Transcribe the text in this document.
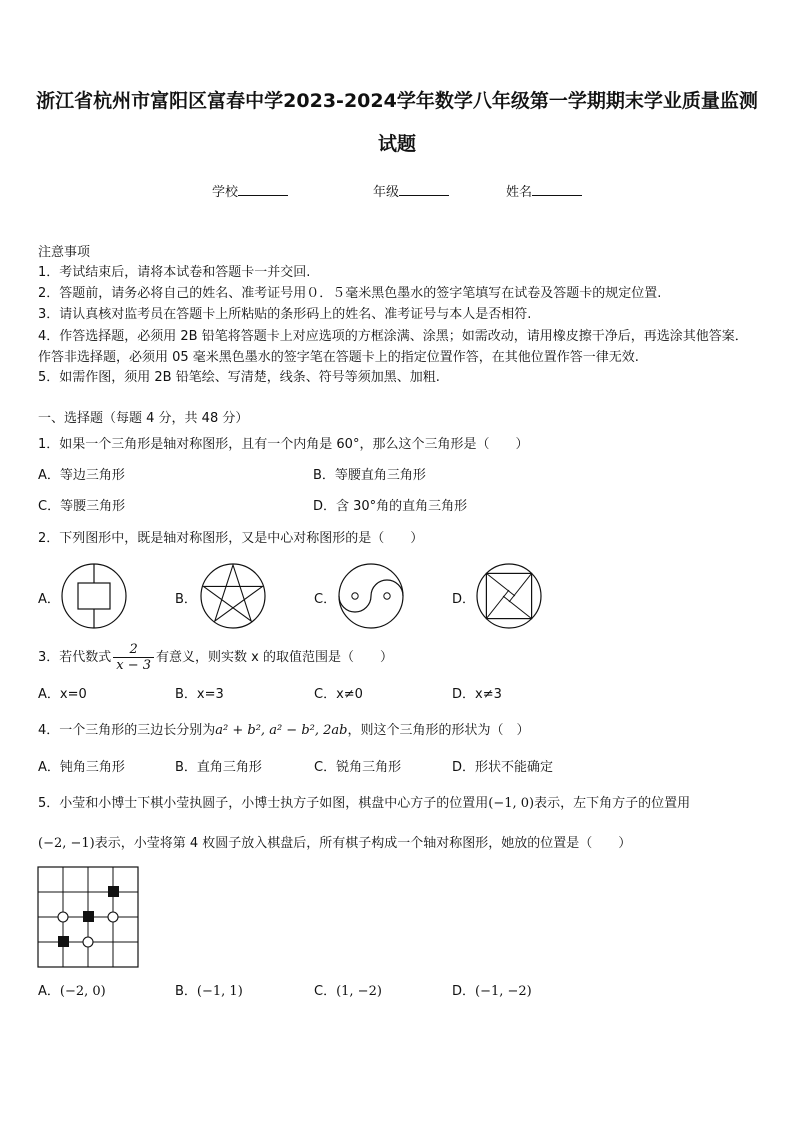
浙江省杭州市富阳区富春中学2023-2024学年数学八年级第一学期期末学业质量监测
试题
学校	年级	姓名
注意事项
1．考试结束后，请将本试卷和答题卡一并交回.
2．答题前，请务必将自己的姓名、准考证号用０．５毫米黑色墨水的签字笔填写在试卷及答题卡的规定位置.
3．请认真核对监考员在答题卡上所粘贴的条形码上的姓名、准考证号与本人是否相符.
4．作答选择题，必须用 2B 铅笔将答题卡上对应选项的方框涂满、涂黑；如需改动，请用橡皮擦干净后，再选涂其他答案．作答非选择题，必须用 05 毫米黑色墨水的签字笔在答题卡上的指定位置作答，在其他位置作答一律无效.
5．如需作图，须用 2B 铅笔绘、写清楚，线条、符号等须加黑、加粗.
一、选择题（每题 4 分，共 48 分）
1．如果一个三角形是轴对称图形，且有一个内角是 60°，那么这个三角形是（　　）
A．等边三角形	B．等腰直角三角形
C．等腰三角形	D．含 30°角的直角三角形
2．下列图形中，既是轴对称图形，又是中心对称图形的是（　　）
A．	B．	C．	D．
3．若代数式 $\frac{2}{x - 3}$ 有意义，则实数 x 的取值范围是（　　）
A．x=0	B．x=3	C．x≠0	D．x≠3
4．一个三角形的三边长分别为a² + b², a² − b², 2ab，则这个三角形的形状为（　）
A．钝角三角形	B．直角三角形	C．锐角三角形	D．形状不能确定
5．小莹和小博士下棋小莹执圆子，小博士执方子如图，棋盘中心方子的位置用(−1, 0)表示，左下角方子的位置用
(−2, −1)表示，小莹将第 4 枚圆子放入棋盘后，所有棋子构成一个轴对称图形，她放的位置是（　　）
A．(−2, 0)	B．(−1, 1)	C．(1, −2)	D．(−1, −2)
